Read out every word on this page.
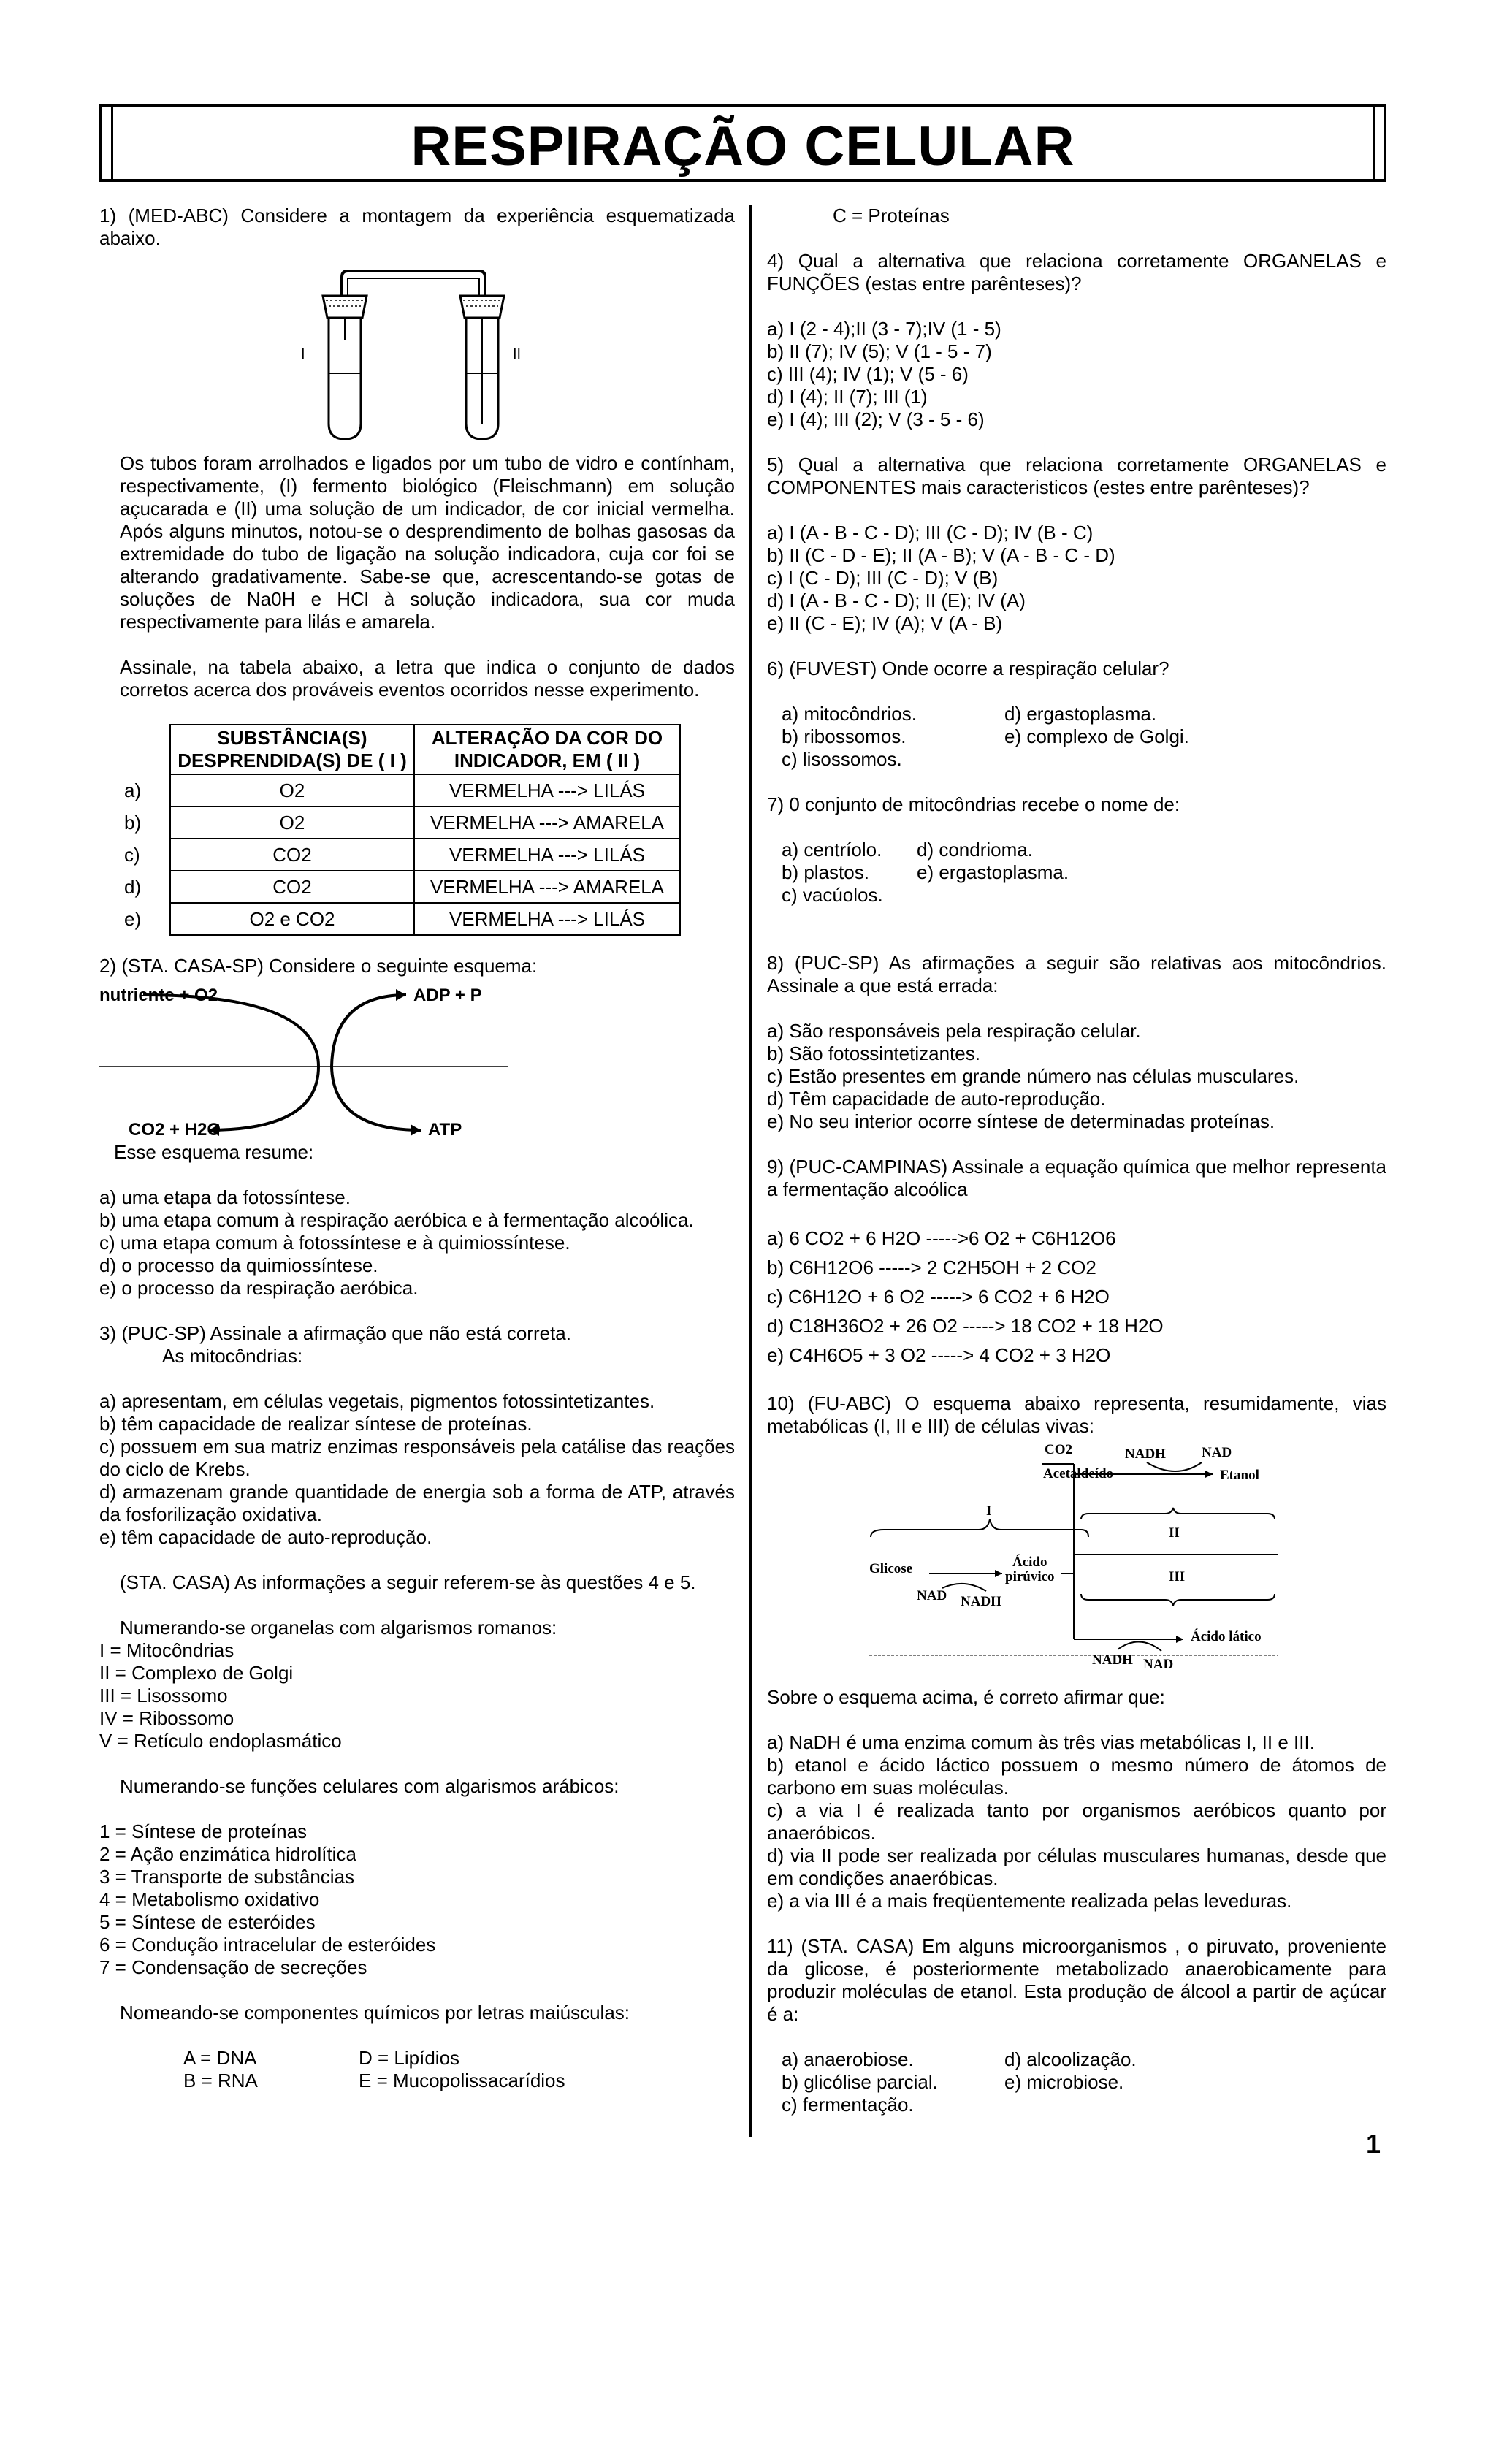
RESPIRAÇÃO CELULAR

1) (MED-ABC) Considere a montagem da experiência esquematizada abaixo.

I	II

Os tubos foram arrolhados e ligados por um tubo de vidro e contínham, respectivamente, (I) fermento biológico (Fleischmann) em solução açucarada e (II) uma solução de um indicador, de cor inicial vermelha. Após alguns minutos, notou-se o desprendimento de bolhas gasosas da extremidade do tubo de ligação na solução indicadora, cuja cor foi se alterando gradativamente. Sabe-se que, acrescentando-se gotas de soluções de Na0H e HCl à solução indicadora, sua cor muda respectivamente para lilás e amarela.

Assinale, na tabela abaixo, a letra que indica o conjunto de dados corretos acerca dos prováveis eventos ocorridos nesse experimento.

	SUBSTÂNCIA(S) DESPRENDIDA(S) DE ( I )	ALTERAÇÃO DA COR DO INDICADOR, EM ( II )
a)	O2	VERMELHA ---> LILÁS
b)	O2	VERMELHA ---> AMARELA
c)	CO2	VERMELHA ---> LILÁS
d)	CO2	VERMELHA ---> AMARELA
e)	O2 e CO2	VERMELHA ---> LILÁS

2) (STA. CASA-SP) Considere o seguinte esquema:

nutriente + O2	ADP + P
CO2 + H2O	ATP

Esse esquema resume:

a) uma etapa da fotossíntese.
b) uma etapa comum à respiração aeróbica e à fermentação alcoólica.
c) uma etapa comum à fotossíntese e à quimiossíntese.
d) o processo da quimiossíntese.
e) o processo da respiração aeróbica.

3) (PUC-SP) Assinale a afirmação que não está correta.

As mitocôndrias:

a) apresentam, em células vegetais, pigmentos fotossintetizantes.
b) têm capacidade de realizar síntese de proteínas.
c) possuem em sua matriz enzimas responsáveis pela catálise das reações do ciclo de Krebs.
d) armazenam grande quantidade de energia sob a forma de ATP, através da fosforilização oxidativa.
e) têm capacidade de auto-reprodução.

(STA. CASA) As informações a seguir referem-se às questões 4 e 5.

Numerando-se organelas com algarismos romanos:

I = Mitocôndrias
II = Complexo de Golgi
III = Lisossomo
IV = Ribossomo
V = Retículo endoplasmático

Numerando-se funções celulares com algarismos arábicos:

1 = Síntese de proteínas
2 = Ação enzimática hidrolítica
3 = Transporte de substâncias
4 = Metabolismo oxidativo
5 = Síntese de esteróides
6 = Condução intracelular de esteróides
7 = Condensação de secreções

Nomeando-se componentes químicos por letras maiúsculas:

A = DNA
B = RNA
D = Lipídios
E = Mucopolissacarídios

C = Proteínas

4) Qual a alternativa que relaciona corretamente ORGANELAS e FUNÇÕES (estas entre parênteses)?

a) I (2 - 4);II (3 - 7);IV (1 - 5)
b) II (7); IV (5); V (1 - 5 - 7)
c) III (4); IV (1); V (5 - 6)
d) I (4); II (7); III (1)
e) I (4); III (2); V (3 - 5 - 6)

5) Qual a alternativa que relaciona corretamente ORGANELAS e COMPONENTES mais caracteristicos (estes entre parênteses)?

a) I (A - B - C - D); III (C - D); IV (B - C)
b) II (C - D - E); II (A - B); V (A - B - C - D)
c) I (C - D); III (C - D); V (B)
d) I (A - B - C - D); II (E); IV (A)
e) II (C - E); IV (A); V (A - B)

6) (FUVEST) Onde ocorre a respiração celular?

a) mitocôndrios.
b) ribossomos.
c) lisossomos.
d) ergastoplasma.
e) complexo de Golgi.

7) 0 conjunto de mitocôndrias recebe o nome de:

a) centríolo.
b) plastos.
c) vacúolos.
d) condrioma.
e) ergastoplasma.

8) (PUC-SP) As afirmações a seguir são relativas aos mitocôndrios. Assinale a que está errada:

a) São responsáveis pela respiração celular.
b) São fotossintetizantes.
c) Estão presentes em grande número nas células musculares.
d) Têm capacidade de auto-reprodução.
e) No seu interior ocorre síntese de determinadas proteínas.

9) (PUC-CAMPINAS) Assinale a equação química que melhor representa a fermentação alcoólica

a) 6 CO2 + 6 H2O ----->6 O2 + C6H12O6
b) C6H12O6 -----> 2 C2H5OH + 2 CO2
c) C6H12O + 6 O2 -----> 6 CO2 + 6 H2O
d) C18H36O2 + 26 O2 -----> 18 CO2 + 18 H2O
e) C4H6O5 + 3 O2 -----> 4 CO2 + 3 H2O

10) (FU-ABC) O esquema abaixo representa, resumidamente, vias metabólicas (I, II e III) de células vivas:

CO2	NADH	NAD
Acetaldeído	Etanol
I
II
III
Glicose	Ácido
pirúvico
NAD NADH
Ácido lático
NADH NAD

Sobre o esquema acima, é correto afirmar que:

a) NaDH é uma enzima comum às três vias metabólicas I, II e III.
b) etanol e ácido láctico possuem o mesmo número de átomos de carbono em suas moléculas.
c) a via I é realizada tanto por organismos aeróbicos quanto por anaeróbicos.
d) via II pode ser realizada por células musculares humanas, desde que em condições anaeróbicas.
e) a via III é a mais freqüentemente realizada pelas leveduras.

11) (STA. CASA) Em alguns microorganismos , o piruvato, proveniente da glicose, é posteriormente metabolizado anaerobicamente para produzir moléculas de etanol. Esta produção de álcool a partir de açúcar é a:

a) anaerobiose.
b) glicólise parcial.
c) fermentação.
d) alcoolização.
e) microbiose.
1
